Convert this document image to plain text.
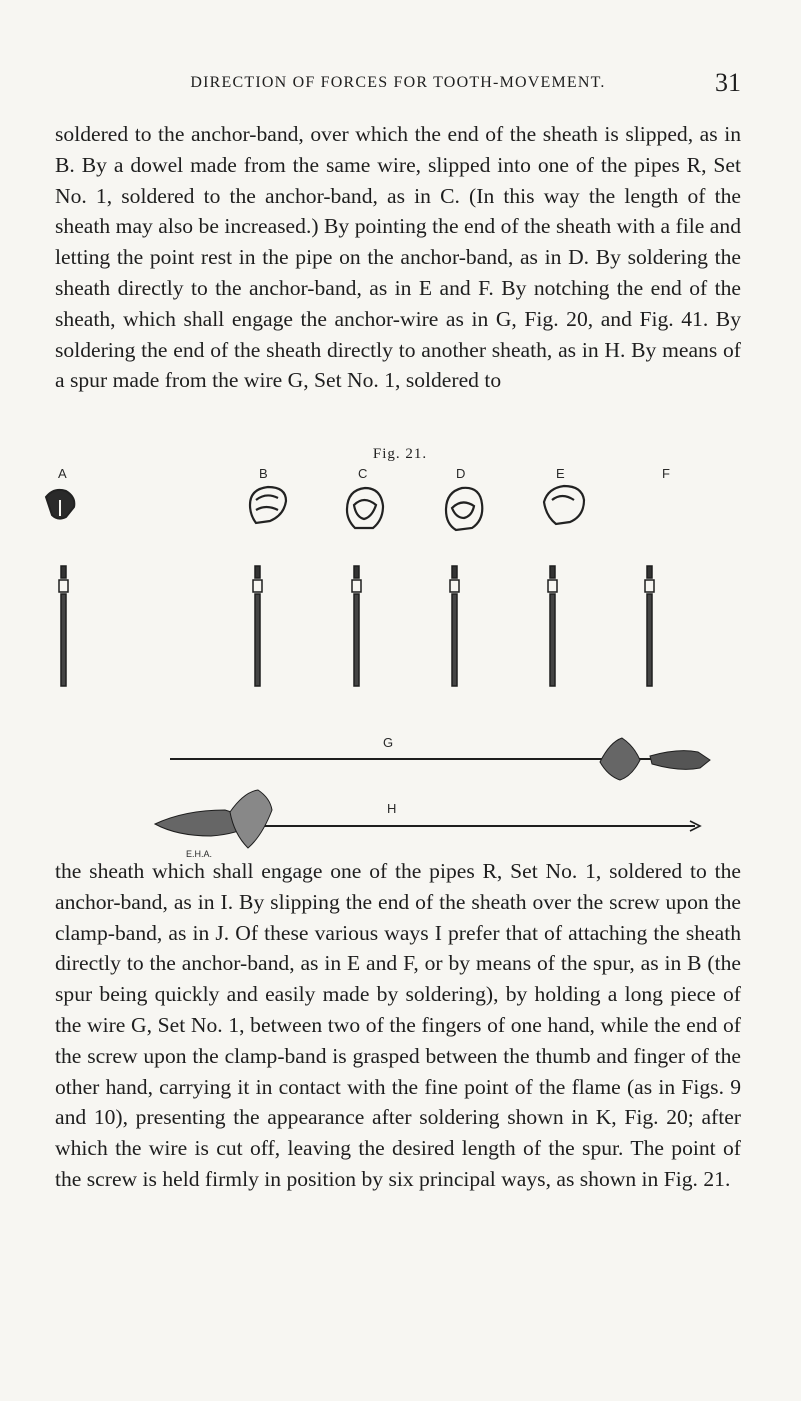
DIRECTION OF FORCES FOR TOOTH-MOVEMENT.	31

soldered to the anchor-band, over which the end of the sheath is slipped, as in B. By a dowel made from the same wire, slipped into one of the pipes R, Set No. 1, soldered to the anchor-band, as in C. (In this way the length of the sheath may also be increased.) By pointing the end of the sheath with a file and letting the point rest in the pipe on the anchor-band, as in D. By soldering the sheath directly to the anchor-band, as in E and F. By notching the end of the sheath, which shall engage the anchor-wire as in G, Fig. 20, and Fig. 41. By soldering the end of the sheath directly to another sheath, as in H. By means of a spur made from the wire G, Set No. 1, soldered to

Fig. 21.
A	B	C	D	E	F
G
H
E.H.A.

the sheath which shall engage one of the pipes R, Set No. 1, soldered to the anchor-band, as in I. By slipping the end of the sheath over the screw upon the clamp-band, as in J. Of these various ways I prefer that of attaching the sheath directly to the anchor-band, as in E and F, or by means of the spur, as in B (the spur being quickly and easily made by soldering), by holding a long piece of the wire G, Set No. 1, between two of the fingers of one hand, while the end of the screw upon the clamp-band is grasped between the thumb and finger of the other hand, carrying it in contact with the fine point of the flame (as in Figs. 9 and 10), presenting the appearance after soldering shown in K, Fig. 20; after which the wire is cut off, leaving the desired length of the spur. The point of the screw is held firmly in position by six principal ways, as shown in Fig. 21.
